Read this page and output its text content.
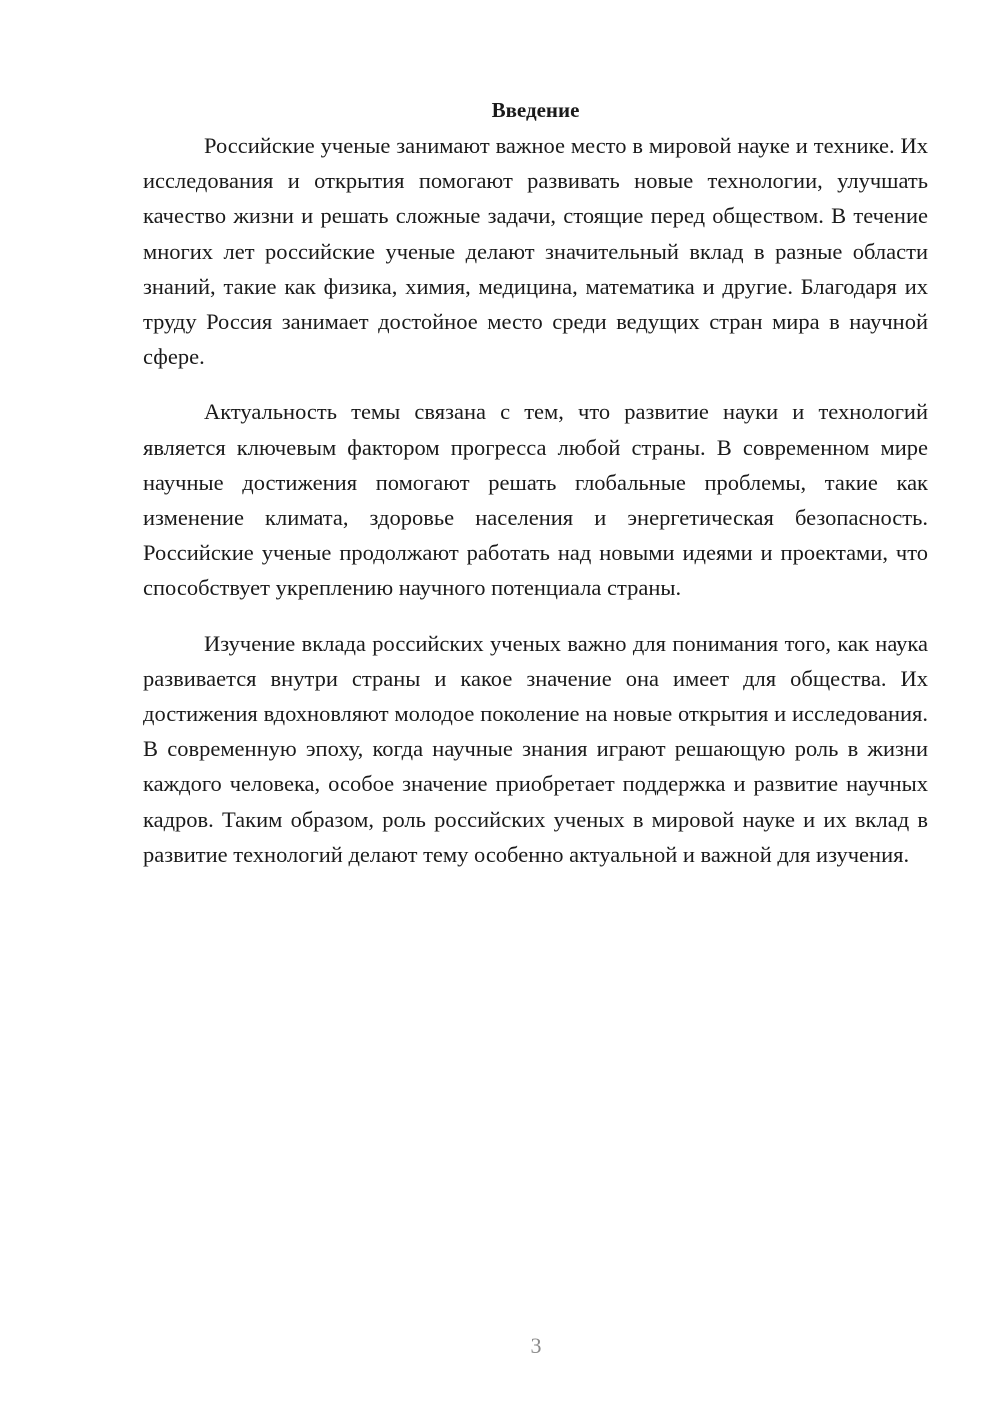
Введение

Российские ученые занимают важное место в мировой науке и технике. Их исследования и открытия помогают развивать новые технологии, улучшать качество жизни и решать сложные задачи, стоящие перед обществом. В течение многих лет российские ученые делают значительный вклад в разные области знаний, такие как физика, химия, медицина, математика и другие. Благодаря их труду Россия занимает достойное место среди ведущих стран мира в научной сфере.

Актуальность темы связана с тем, что развитие науки и технологий является ключевым фактором прогресса любой страны. В современном мире научные достижения помогают решать глобальные проблемы, такие как изменение климата, здоровье населения и энергетическая безопасность. Российские ученые продолжают работать над новыми идеями и проектами, что способствует укреплению научного потенциала страны.

Изучение вклада российских ученых важно для понимания того, как наука развивается внутри страны и какое значение она имеет для общества. Их достижения вдохновляют молодое поколение на новые открытия и исследования. В современную эпоху, когда научные знания играют решающую роль в жизни каждого человека, особое значение приобретает поддержка и развитие научных кадров. Таким образом, роль российских ученых в мировой науке и их вклад в развитие технологий делают тему особенно актуальной и важной для изучения.

3
